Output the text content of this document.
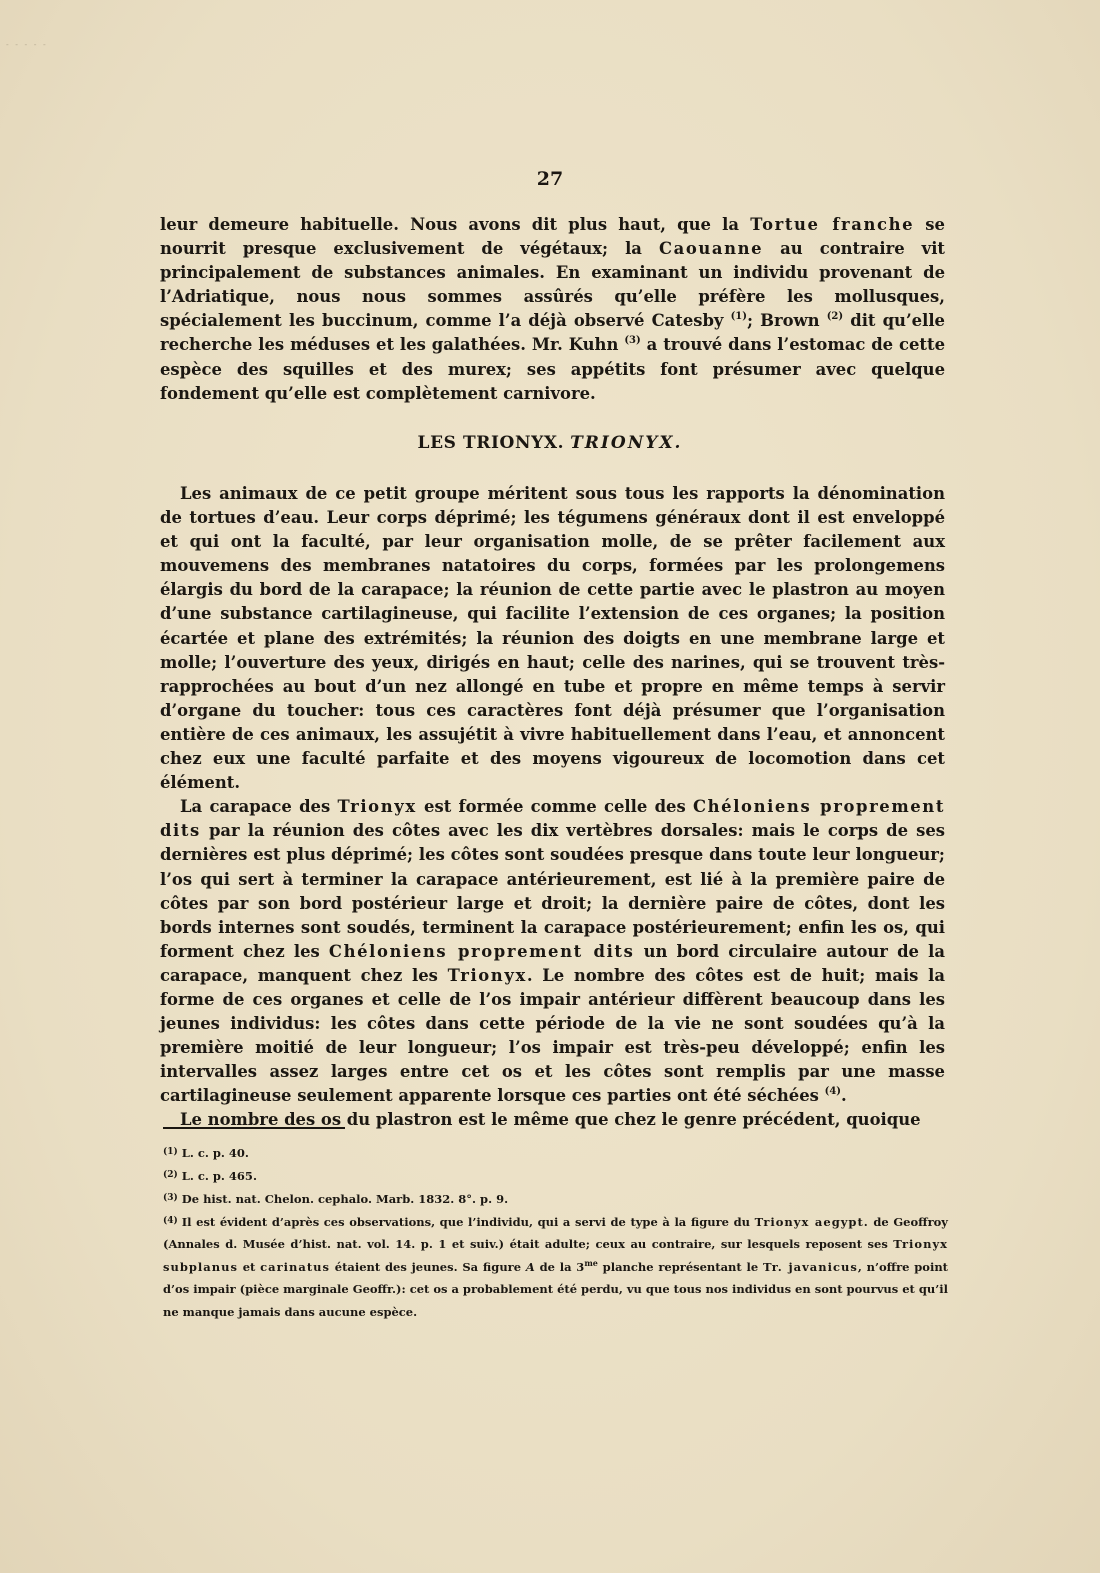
- - - - -
27

leur demeure habituelle. Nous avons dit plus haut, que la Tortue franche se nourrit presque exclusivement de végétaux; la Caouanne au contraire vit principalement de substances animales. En examinant un individu provenant de l’Adriatique, nous nous sommes assûrés qu’elle préfère les mollusques, spécialement les buccinum, comme l’a déjà observé Catesby $^{(1)}$; Brown $^{(2)}$ dit qu’elle recherche les méduses et les galathées. Mr. Kuhn $^{(3)}$ a trouvé dans l’estomac de cette espèce des squilles et des murex; ses appétits font présumer avec quelque fondement qu’elle est complètement carnivore.

LES TRIONYX. TRIONYX.

Les animaux de ce petit groupe méritent sous tous les rapports la dénomination de tortues d’eau. Leur corps déprimé; les tégumens généraux dont il est enveloppé et qui ont la faculté, par leur organisation molle, de se prêter facilement aux mouvemens des membranes natatoires du corps, formées par les prolongemens élargis du bord de la carapace; la réunion de cette partie avec le plastron au moyen d’une substance cartilagineuse, qui facilite l’extension de ces organes; la position écartée et plane des extrémités; la réunion des doigts en une membrane large et molle; l’ouverture des yeux, dirigés en haut; celle des narines, qui se trouvent très-rapprochées au bout d’un nez allongé en tube et propre en même temps à servir d’organe du toucher: tous ces caractères font déjà présumer que l’organisation entière de ces animaux, les assujétit à vivre habituellement dans l’eau, et annoncent chez eux une faculté parfaite et des moyens vigoureux de locomotion dans cet élément.

La carapace des Trionyx est formée comme celle des Chéloniens proprement dits par la réunion des côtes avec les dix vertèbres dorsales: mais le corps de ses dernières est plus déprimé; les côtes sont soudées presque dans toute leur longueur; l’os qui sert à terminer la carapace antérieurement, est lié à la première paire de côtes par son bord postérieur large et droit; la dernière paire de côtes, dont les bords internes sont soudés, terminent la carapace postérieurement; enfin les os, qui forment chez les Chéloniens proprement dits un bord circulaire autour de la carapace, manquent chez les Trionyx. Le nombre des côtes est de huit; mais la forme de ces organes et celle de l’os impair antérieur diffèrent beaucoup dans les jeunes individus: les côtes dans cette période de la vie ne sont soudées qu’à la première moitié de leur longueur; l’os impair est très-peu développé; enfin les intervalles assez larges entre cet os et les côtes sont remplis par une masse cartilagineuse seulement apparente lorsque ces parties ont été séchées $^{(4)}$.

Le nombre des os du plastron est le même que chez le genre précédent, quoique

$^{(1)}$ L. c. p. 40.

$^{(2)}$ L. c. p. 465.

$^{(3)}$ De hist. nat. Chelon. cephalo. Marb. 1832. 8°. p. 9.

$^{(4)}$ Il est évident d’après ces observations, que l’individu, qui a servi de type à la figure du Trionyx aegypt. de Geoffroy (Annales d. Musée d’hist. nat. vol. 14. p. 1 et suiv.) était adulte; ceux au contraire, sur lesquels reposent ses Trionyx subplanus et carinatus étaient des jeunes. Sa figure A de la $3^{me}$ planche représentant le Tr. javanicus, n’offre point d’os impair (pièce marginale Geoffr.): cet os a probablement été perdu, vu que tous nos individus en sont pourvus et qu’il ne manque jamais dans aucune espèce.
